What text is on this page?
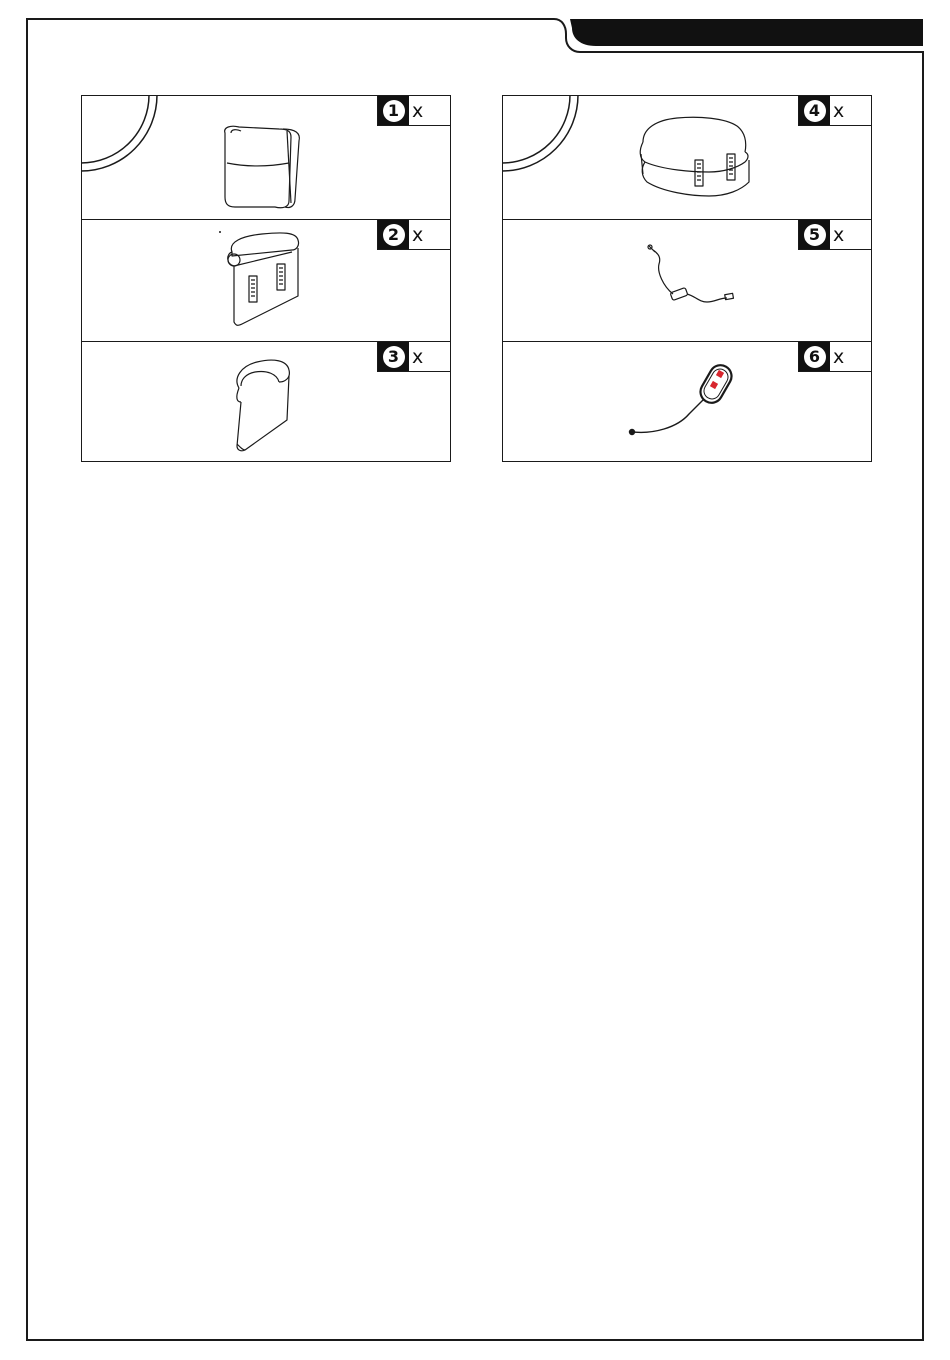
1 x
2 x
3 x
4 x
5 x
6 x
